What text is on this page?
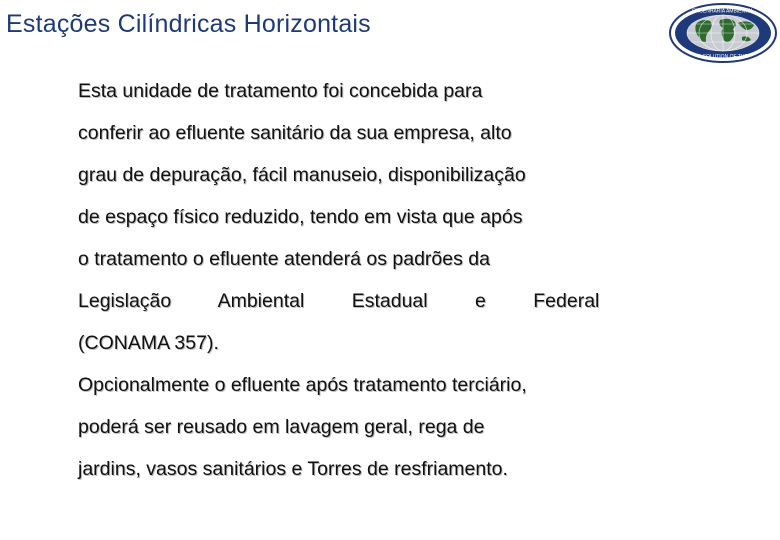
Estações Cilíndricas Horizontais	ENGENHARIA AMBIENTAL
A SOLUTION OF THE

Esta unidade de tratamento foi concebida para
conferir ao efluente sanitário da sua empresa, alto
grau de depuração, fácil manuseio, disponibilização
de espaço físico reduzido, tendo em vista que após
o tratamento o efluente atenderá os padrões da
Legislação Ambiental Estadual e Federal
(CONAMA 357).

Opcionalmente o efluente após tratamento terciário,
poderá ser reusado em lavagem geral, rega de
jardins, vasos sanitários e Torres de resfriamento.
